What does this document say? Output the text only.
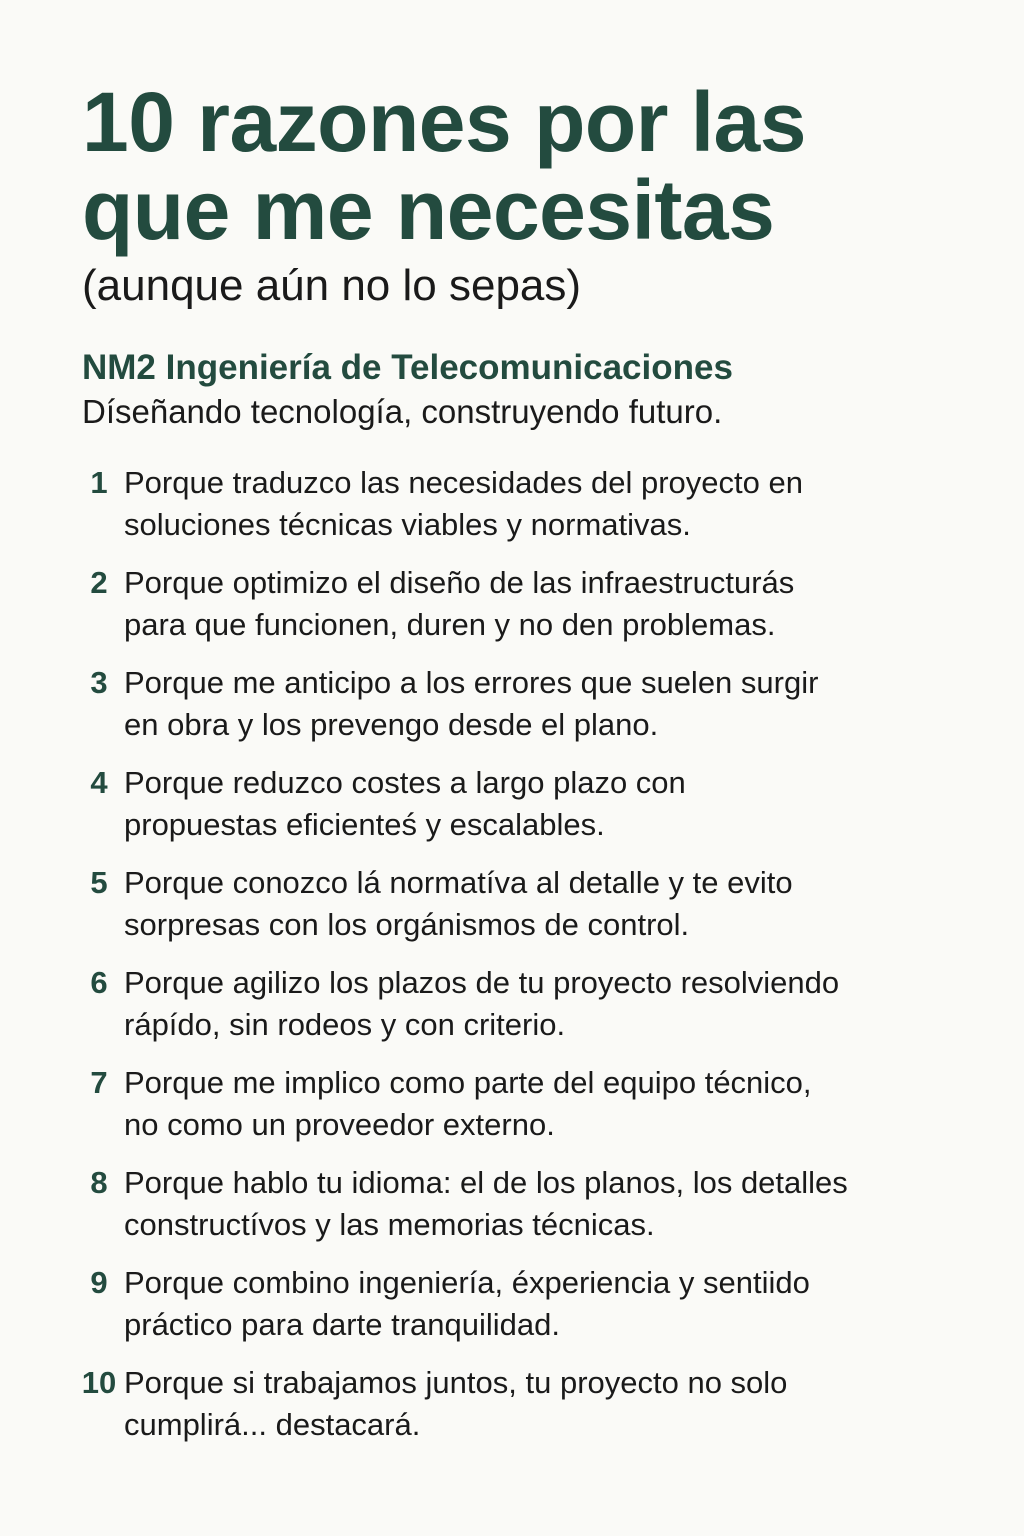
10 razones por las
que me necesitas
(aunque aún no lo sepas)
NM2 Ingeniería de Telecomunicaciones
Díseñando tecnología, construyendo futuro.
1 Porque traduzco las necesidades del proyecto en
soluciones técnicas viables y normativas.
2 Porque optimizo el diseño de las infraestructurás
para que funcionen, duren y no den problemas.
3 Porque me anticipo a los errores que suelen surgir
en obra y los prevengo desde el plano.
4 Porque reduzco costes a largo plazo con
propuestas eficienteś y escalables.
5 Porque conozco lá normatíva al detalle y te evito
sorpresas con los orgánismos de control.
6 Porque agilizo los plazos de tu proyecto resolviendo
rápído, sin rodeos y con criterio.
7 Porque me implico como parte del equipo técnico,
no como un proveedor externo.
8 Porque hablo tu idioma: el de los planos, los detalles
constructívos y las memorias técnicas.
9 Porque combino ingeniería, éxperiencia y sentiido
práctico para darte tranquilidad.
10 Porque si trabajamos juntos, tu proyecto no solo
cumplirá... destacará.
